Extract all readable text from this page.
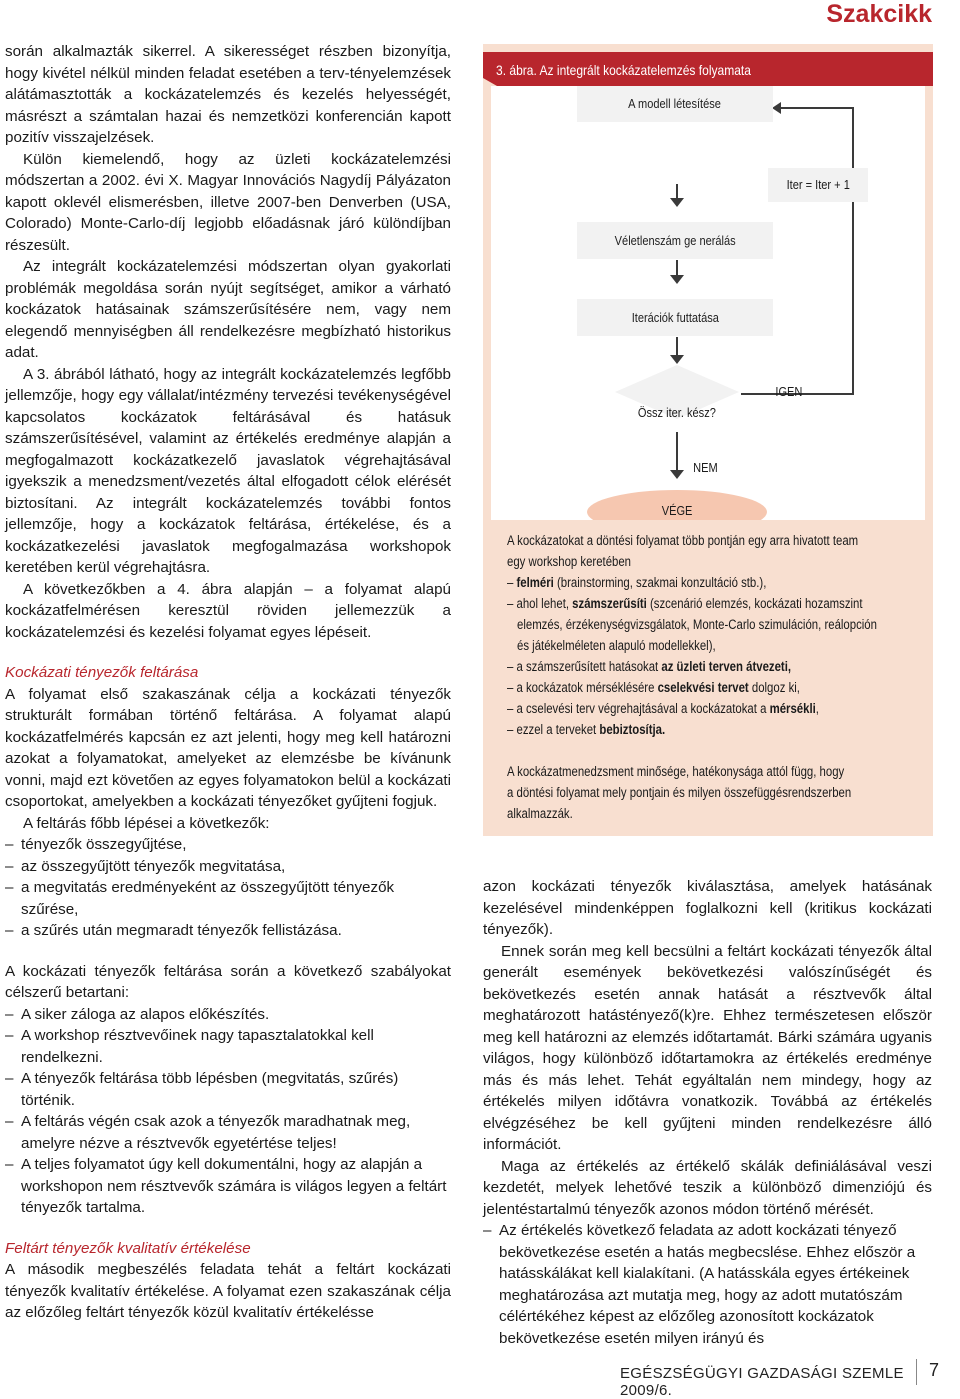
Szakcikk

során alkalmazták sikerrel. A sikerességet részben bizonyítja, hogy kivétel nélkül minden feladat esetében a terv-tényelemzések alátámasztották a kockázatelemzés és kezelés helyességét, másrészt a számtalan hazai és nemzetközi konferencián kapott pozitív visszajelzések.

Külön kiemelendő, hogy az üzleti kockázatelemzési módszertan a 2002. évi X. Magyar Innovációs Nagydíj Pályázaton kapott oklevél elismerésben, illetve 2007-ben Denverben (USA, Colorado) Monte-Carlo-díj legjobb előadásnak járó különdíjban részesült.

Az integrált kockázatelemzési módszertan olyan gyakorlati problémák megoldása során nyújt segítséget, amikor a várható kockázatok hatásainak számszerűsítésére nem, vagy nem elegendő mennyiségben áll rendelkezésre megbízható historikus adat.

A 3. ábrából látható, hogy az integrált kockázatelemzés legfőbb jellemzője, hogy egy vállalat/intézmény tervezési tevékenységével kapcsolatos kockázatok feltárásával és hatásuk számszerűsítésével, valamint az értékelés eredménye alapján a megfogalmazott kockázatkezelő javaslatok végrehajtásával igyekszik a menedzsment/vezetés által elfogadott célok elérését biztosítani. Az integrált kockázatelemzés további fontos jellemzője, hogy a kockázatok feltárása, értékelése, és a kockázatkezelési javaslatok megfogalmazása workshopok keretében kerül végrehajtásra.

A következőkben a 4. ábra alapján – a folyamat alapú kockázatfelmérésen keresztül röviden jellemezzük a kockázatelemzési és kezelési folyamat egyes lépéseit.

Kockázati tényezők feltárása

A folyamat első szakaszának célja a kockázati tényezők strukturált formában történő feltárása. A folyamat alapú kockázatfelmérés kapcsán ez azt jelenti, hogy meg kell határozni azokat a folyamatokat, amelyeket az elemzésbe be kívánunk vonni, majd ezt követően az egyes folyamatokon belül a kockázati csoportokat, amelyekben a kockázati tényezőket gyűjteni fogjuk.

A feltárás főbb lépései a következők:

– tényezők összegyűjtése,
– az összegyűjtött tényezők megvitatása,
– a megvitatás eredményeként az összegyűjtött tényezők szűrése,
– a szűrés után megmaradt tényezők fellistázása.

A kockázati tényezők feltárása során a következő szabályokat célszerű betartani:

– A siker záloga az alapos előkészítés.
– A workshop résztvevőinek nagy tapasztalatokkal kell rendelkezni.
– A tényezők feltárása több lépésben (megvitatás, szűrés) történik.
– A feltárás végén csak azok a tényezők maradhatnak meg, amelyre nézve a résztvevők egyetértése teljes!
– A teljes folyamatot úgy kell dokumentálni, hogy az alapján a workshopon nem résztvevők számára is világos legyen a feltárt tényezők tartalma.

Feltárt tényezők kvalitatív értékelése

A második megbeszélés feladata tehát a feltárt kockázati tényezők kvalitatív értékelése. A folyamat ezen szakaszának célja az előzőleg feltárt tényezők közül kvalitatív értékelésse

3. ábra. Az integrált kockázatelemzés folyamata
A modell létesítése
Véletlenszám ge nerálás
Iterációk futtatása
Iter = Iter + 1
Össz iter. kész?
IGEN
NEM
VÉGE
A kockázatokat a döntési folyamat több pontján egy arra hivatott team
egy workshop keretében
– felméri (brainstorming, szakmai konzultáció stb.),
– ahol lehet, számszerűsíti (szcenárió elemzés, kockázati hozamszint
elemzés, érzékenységvizsgálatok, Monte-Carlo szimuláción, reálopción
és játékelméleten alapuló modellekkel),
– a számszerűsített hatásokat az üzleti terven átvezeti,
– a kockázatok mérséklésére cselekvési tervet dolgoz ki,
– a cselevési terv végrehajtásával a kockázatokat a mérsékli,
– ezzel a terveket bebiztosítja.
A kockázatmenedzsment minősége, hatékonysága attól függ, hogy
a döntési folyamat mely pontjain és milyen összefüggésrendszerben
alkalmazzák.

azon kockázati tényezők kiválasztása, amelyek hatásának kezelésével mindenképpen foglalkozni kell (kritikus kockázati tényezők).

Ennek során meg kell becsülni a feltárt kockázati tényezők által generált események bekövetkezési valószínűségét és bekövetkezés esetén annak hatását a résztvevők által meghatározott hatástényező(k)re. Ehhez természetesen először meg kell határozni az elemzés időtartamát. Bárki számára ugyanis világos, hogy különböző időtartamokra az értékelés eredménye más és más lehet. Tehát egyáltalán nem mindegy, hogy az értékelés milyen időtávra vonatkozik. Továbbá az értékelés elvégzéséhez be kell gyűjteni minden rendelkezésre álló információt.

Maga az értékelés az értékelő skálák definiálásával veszi kezdetét, melyek lehetővé teszik a különböző dimenziójú és jelentéstartalmú tényezők azonos módon történő mérését.

– Az értékelés következő feladata az adott kockázati tényező bekövetkezése esetén a hatás megbecslése. Ehhez először a hatásskálákat kell kialakítani. (A hatásskála egyes értékeinek meghatározása azt mutatja meg, hogy az adott mutatószám célértékéhez képest az előzőleg azonosított kockázatok bekövetkezése esetén milyen irányú és
EGÉSZSÉGÜGYI GAZDASÁGI SZEMLE 2009/6.
7
